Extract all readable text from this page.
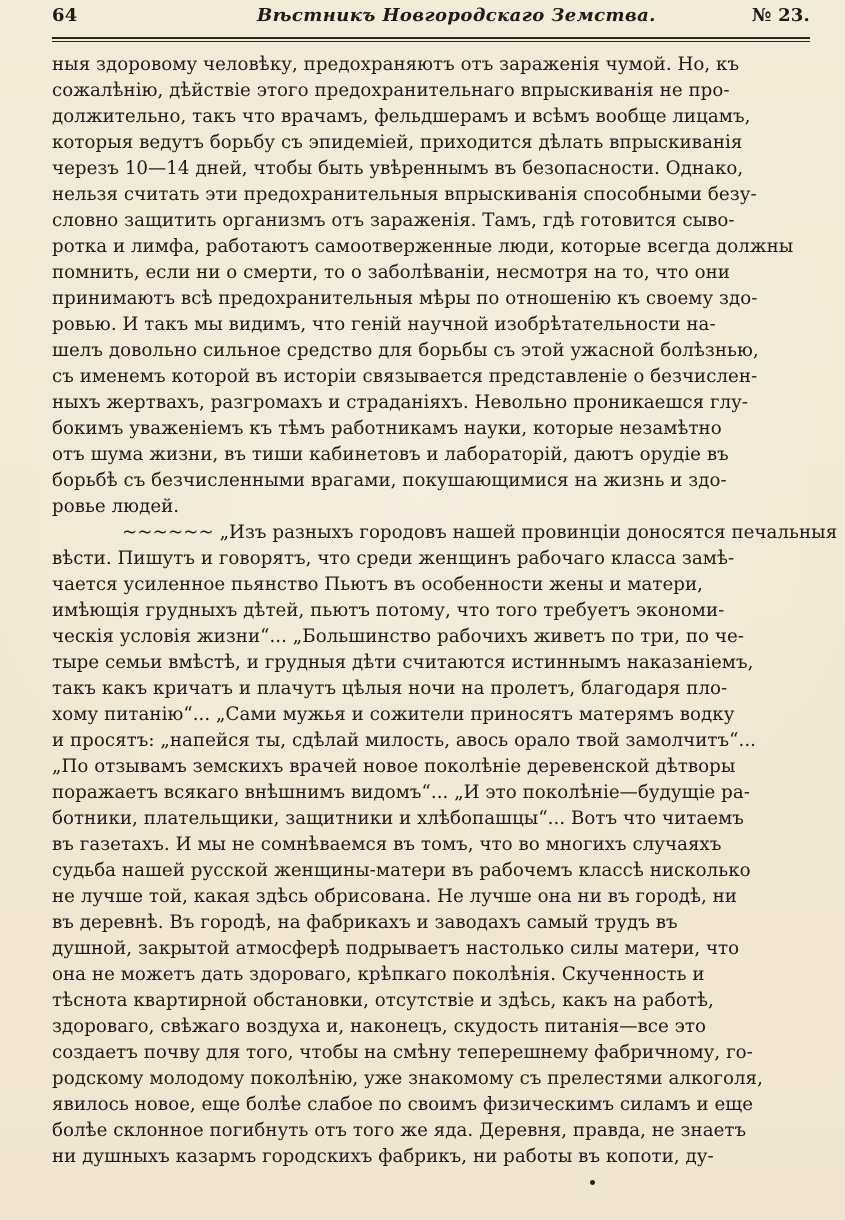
64	Вѣстникъ Новгородскаго Земства.	№ 23.
ныя здоровому человѣку, предохраняютъ отъ зараженія чумой. Но, къ
сожалѣнію, дѣйствіе этого предохранительнаго впрыскиванія не про-
должительно, такъ что врачамъ, фельдшерамъ и всѣмъ вообще лицамъ,
которыя ведутъ борьбу съ эпидеміей, приходится дѣлать впрыскиванія
черезъ 10—14 дней, чтобы быть увѣреннымъ въ безопасности. Однако,
нельзя считать эти предохранительныя впрыскиванія способными безу-
словно защитить организмъ отъ зараженія. Тамъ, гдѣ готовится сыво-
ротка и лимфа, работаютъ самоотверженные люди, которые всегда должны
помнить, если ни о смерти, то о заболѣваніи, несмотря на то, что они
принимаютъ всѣ предохранительныя мѣры по отношенію къ своему здо-
ровью. И такъ мы видимъ, что геній научной изобрѣтательности на-
шелъ довольно сильное средство для борьбы съ этой ужасной болѣзнью,
съ именемъ которой въ исторіи связывается представленіе о безчислен-
ныхъ жертвахъ, разгромахъ и страданіяхъ. Невольно проникаешся глу-
бокимъ уваженіемъ къ тѣмъ работникамъ науки, которые незамѣтно
отъ шума жизни, въ тиши кабинетовъ и лабораторій, даютъ орудіе въ
борьбѣ съ безчисленными врагами, покушающимися на жизнь и здо-
ровье людей.
~~~~~~ „Изъ разныхъ городовъ нашей провинціи доносятся печальныя
вѣсти. Пишутъ и говорятъ, что среди женщинъ рабочаго класса замѣ-
чается усиленное пьянство Пьютъ въ особенности жены и матери,
имѣющія грудныхъ дѣтей, пьютъ потому, что того требуетъ экономи-
ческія условія жизни“... „Большинство рабочихъ живетъ по три, по че-
тыре семьи вмѣстѣ, и грудныя дѣти считаются истиннымъ наказаніемъ,
такъ какъ кричатъ и плачутъ цѣлыя ночи на пролетъ, благодаря пло-
хому питанію“... „Сами мужья и сожители приносятъ матерямъ водку
и просятъ: „напейся ты, сдѣлай милость, авось орало твой замолчитъ“...
„По отзывамъ земскихъ врачей новое поколѣніе деревенской дѣтворы
поражаетъ всякаго внѣшнимъ видомъ“... „И это поколѣніе—будущіе ра-
ботники, плательщики, защитники и хлѣбопашцы“... Вотъ что читаемъ
въ газетахъ. И мы не сомнѣваемся въ томъ, что во многихъ случаяхъ
судьба нашей русской женщины-матери въ рабочемъ классѣ нисколько
не лучше той, какая здѣсь обрисована. Не лучше она ни въ городѣ, ни
въ деревнѣ. Въ городѣ, на фабрикахъ и заводахъ самый трудъ въ
душной, закрытой атмосферѣ подрываетъ настолько силы матери, что
она не можетъ дать здороваго, крѣпкаго поколѣнія. Скученность и
тѣснота квартирной обстановки, отсутствіе и здѣсь, какъ на работѣ,
здороваго, свѣжаго воздуха и, наконецъ, скудость питанія—все это
создаетъ почву для того, чтобы на смѣну теперешнему фабричному, го-
родскому молодому поколѣнію, уже знакомому съ прелестями алкоголя,
явилось новое, еще болѣе слабое по своимъ физическимъ силамъ и еще
болѣе склонное погибнуть отъ того же яда. Деревня, правда, не знаетъ
ни душныхъ казармъ городскихъ фабрикъ, ни работы въ копоти, ду-
